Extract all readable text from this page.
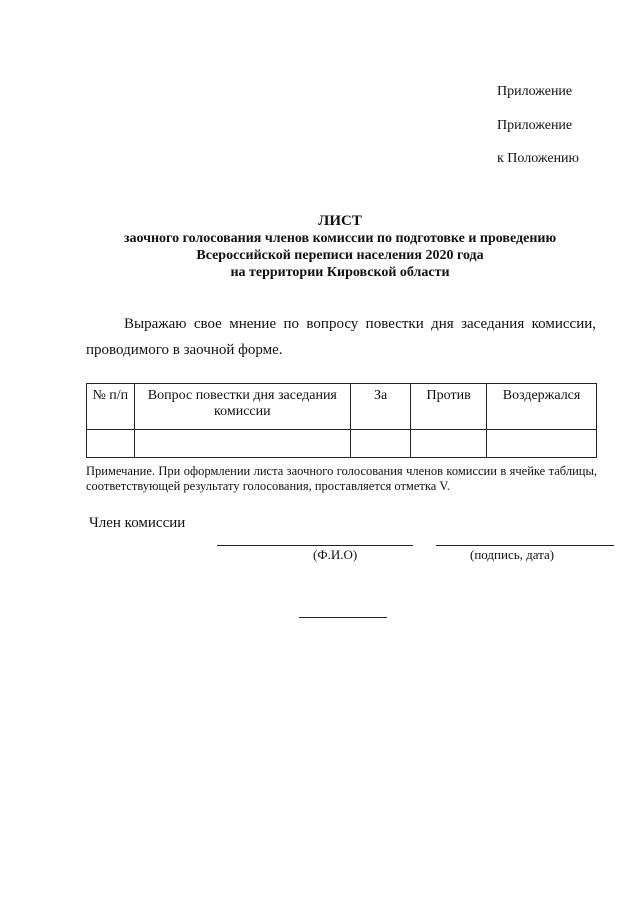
Приложение
Приложение
к Положению
ЛИСТ
заочного голосования членов комиссии по подготовке и проведению
Всероссийской переписи населения 2020 года
на территории Кировской области
Выражаю свое мнение по вопросу повестки дня заседания комиссии,
проводимого в заочной форме.
№ п/п	Вопрос повестки дня заседания комиссии	За	Против	Воздержался

Примечание. При оформлении листа заочного голосования членов комиссии в ячейке таблицы, соответствующей результату голосования, проставляется отметка V.
Член комиссии
(Ф.И.О)	(подпись, дата)
